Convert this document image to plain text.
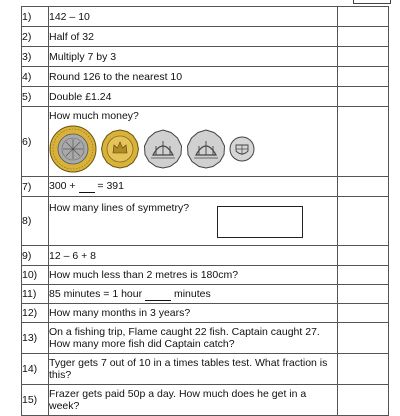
1)	142 – 10	
2)	Half of 32	
3)	Multiply 7 by 3	
4)	Round 126 to the nearest 10	
5)	Double £1.24	
6)	How much money?	

7)	300 +   = 391	
8)	How many lines of symmetry?	

9)	12 – 6 + 8	
10)	How much less than 2 metres is 180cm?	
11)	85 minutes = 1 hour   minutes	
12)	How many months in 3 years?	
13)	On a fishing trip, Flame caught 22 fish. Captain caught 27. How many more fish did Captain catch?	
14)	Tyger gets 7 out of 10 in a times tables test. What fraction is this?	
15)	Frazer gets paid 50p a day. How much does he get in a week?	
